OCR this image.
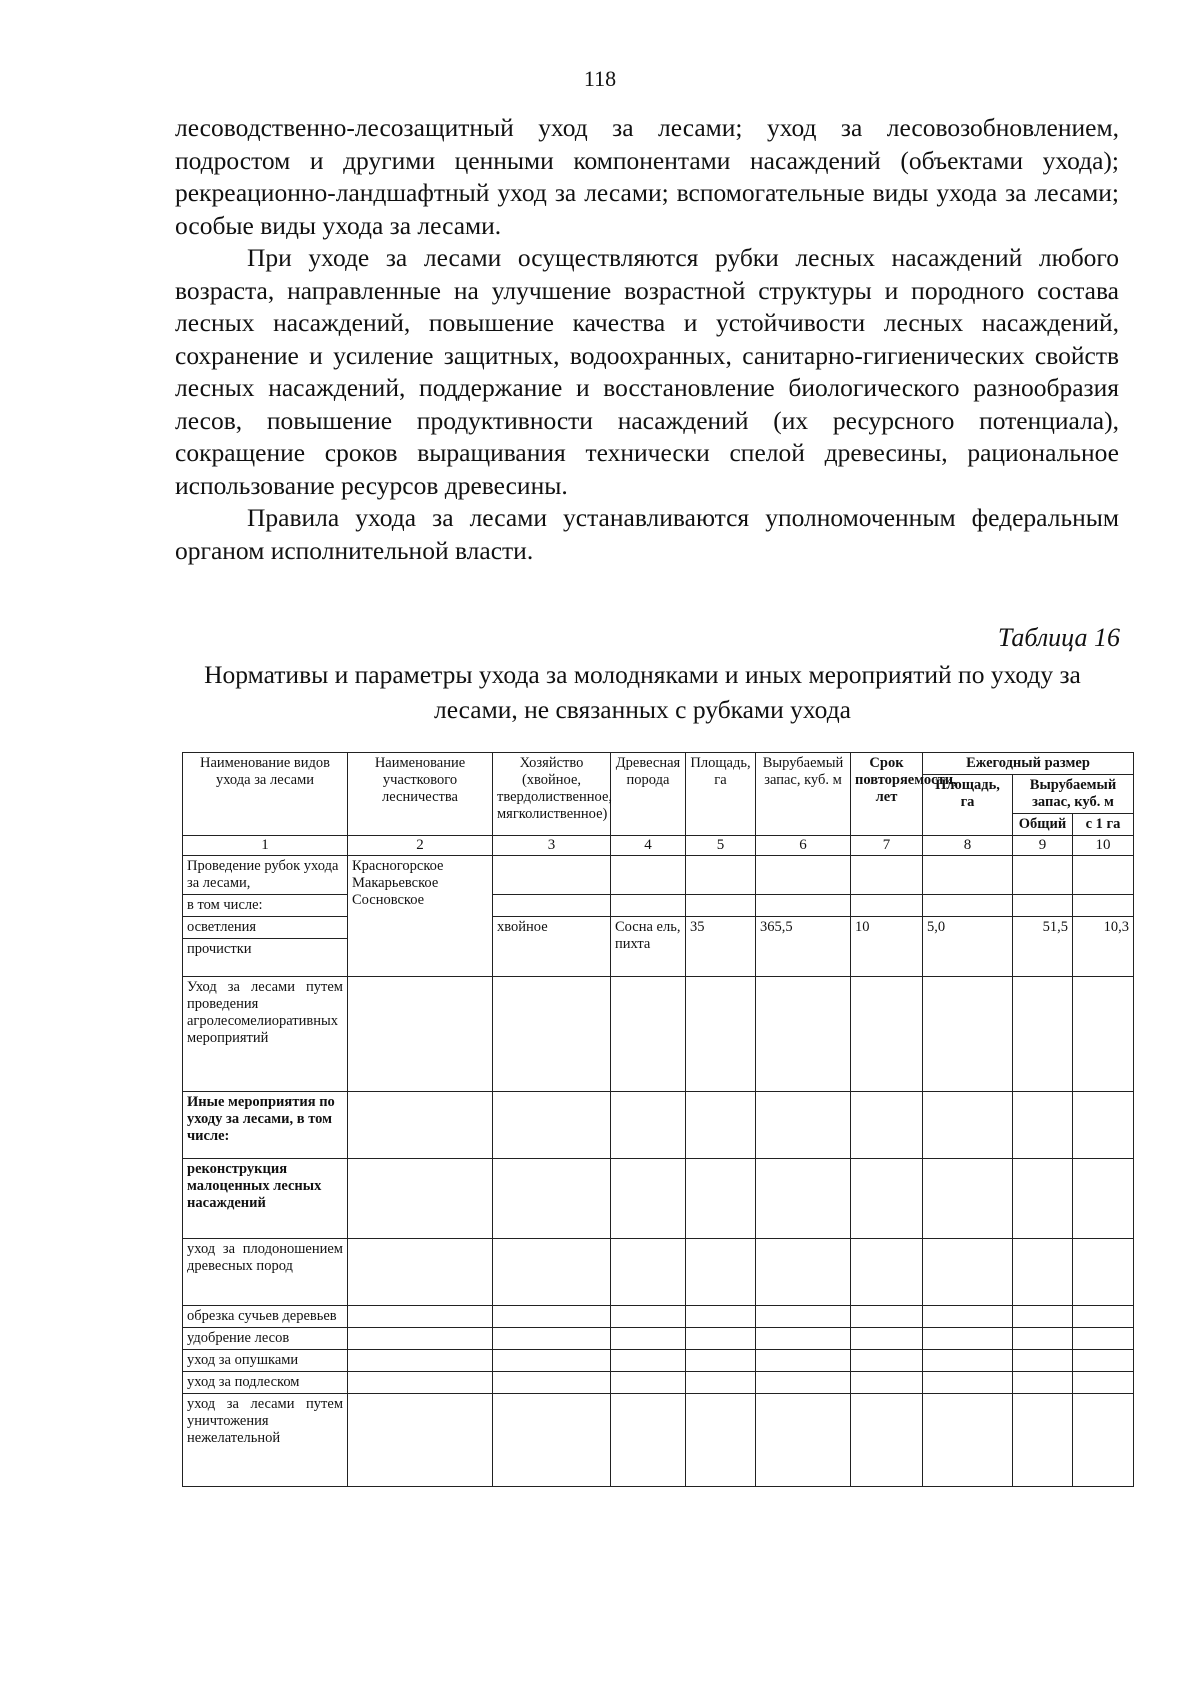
118

лесоводственно-лесозащитный уход за лесами; уход за лесовозобновлением, подростом и другими ценными компонентами насаждений (объектами ухода); рекреационно-ландшафтный уход за лесами; вспомогательные виды ухода за лесами; особые виды ухода за лесами.

При уходе за лесами осуществляются рубки лесных насаждений любого возраста, направленные на улучшение возрастной структуры и породного состава лесных насаждений, повышение качества и устойчивости лесных насаждений, сохранение и усиление защитных, водоохранных, санитарно-гигиенических свойств лесных насаждений, поддержание и восстановление биологического разнообразия лесов, повышение продуктивности насаждений (их ресурсного потенциала), сокращение сроков выращивания технически спелой древесины, рациональное использование ресурсов древесины.

Правила ухода за лесами устанавливаются уполномоченным федеральным органом исполнительной власти.

Таблица 16
Нормативы и параметры ухода за молодняками и иных мероприятий по уходу за лесами, не связанных с рубками ухода
Наименование видов ухода за лесами	Наименование участкового лесничества	Хозяйство (хвойное, твердолиственное, мягколиственное)	Древесная порода	Площадь, га	Вырубаемый запас, куб. м	Срок повторяемости, лет	Ежегодный размер		
							Площадь, га	Вырубаемый запас, куб. м	
								Общий	с 1 га
1	2	3	4	5	6	7	8	9	10
Проведение рубок ухода за лесами,	Красногорское Макарьевское Сосновское								
в том числе:									
осветления		хвойное	Сосна ель, пихта	35	365,5	10	5,0	51,5	10,3
прочистки									
Уход за лесами путем проведения агролесомелиоративных мероприятий									
Иные мероприятия по уходу за лесами, в том числе:									
реконструкция малоценных лесных насаждений									
уход за плодоношением древесных пород									
обрезка сучьев деревьев									
удобрение лесов									
уход за опушками									
уход за подлеском									
уход за лесами путем уничтожения нежелательной									
